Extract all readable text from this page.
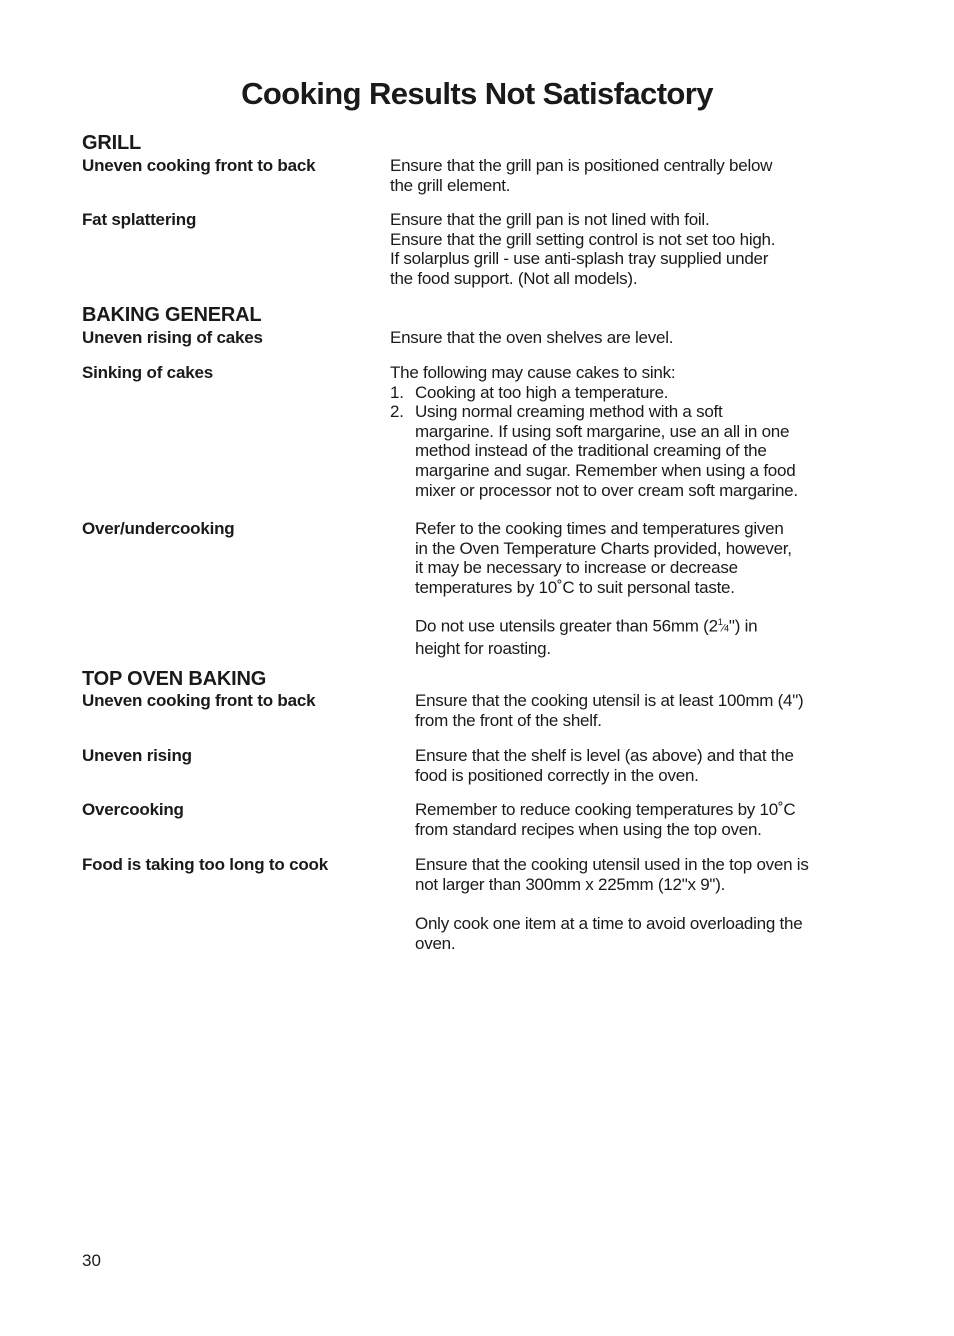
Cooking Results Not Satisfactory
GRILL
Uneven cooking front to back	Ensure that the grill pan is positioned centrally below
the grill element.
Fat splattering	Ensure that the grill pan is not lined with foil.
Ensure that the grill setting control is not set too high.
If solarplus grill - use anti-splash tray supplied under
the food support. (Not all models).
BAKING GENERAL
Uneven rising of cakes	Ensure that the oven shelves are level.
Sinking of cakes	The following may cause cakes to sink:
1. Cooking at too high a temperature.
2. Using normal creaming method with a soft
margarine. If using soft margarine, use an all in one
method instead of the traditional creaming of the
margarine and sugar. Remember when using a food
mixer or processor not to over cream soft margarine.
Over/undercooking	Refer to the cooking times and temperatures given
in the Oven Temperature Charts provided, however,
it may be necessary to increase or decrease
temperatures by 10˚C to suit personal taste.
Do not use utensils greater than 56mm $(2^1⁄4")$ in
height for roasting.
TOP OVEN BAKING
Uneven cooking front to back	Ensure that the cooking utensil is at least 100mm (4")
from the front of the shelf.
Uneven rising	Ensure that the shelf is level (as above) and that the
food is positioned correctly in the oven.
Overcooking	Remember to reduce cooking temperatures by 10˚C
from standard recipes when using the top oven.
Food is taking too long to cook	Ensure that the cooking utensil used in the top oven is
not larger than 300mm x 225mm (12"x 9").
Only cook one item at a time to avoid overloading the
oven.
30
